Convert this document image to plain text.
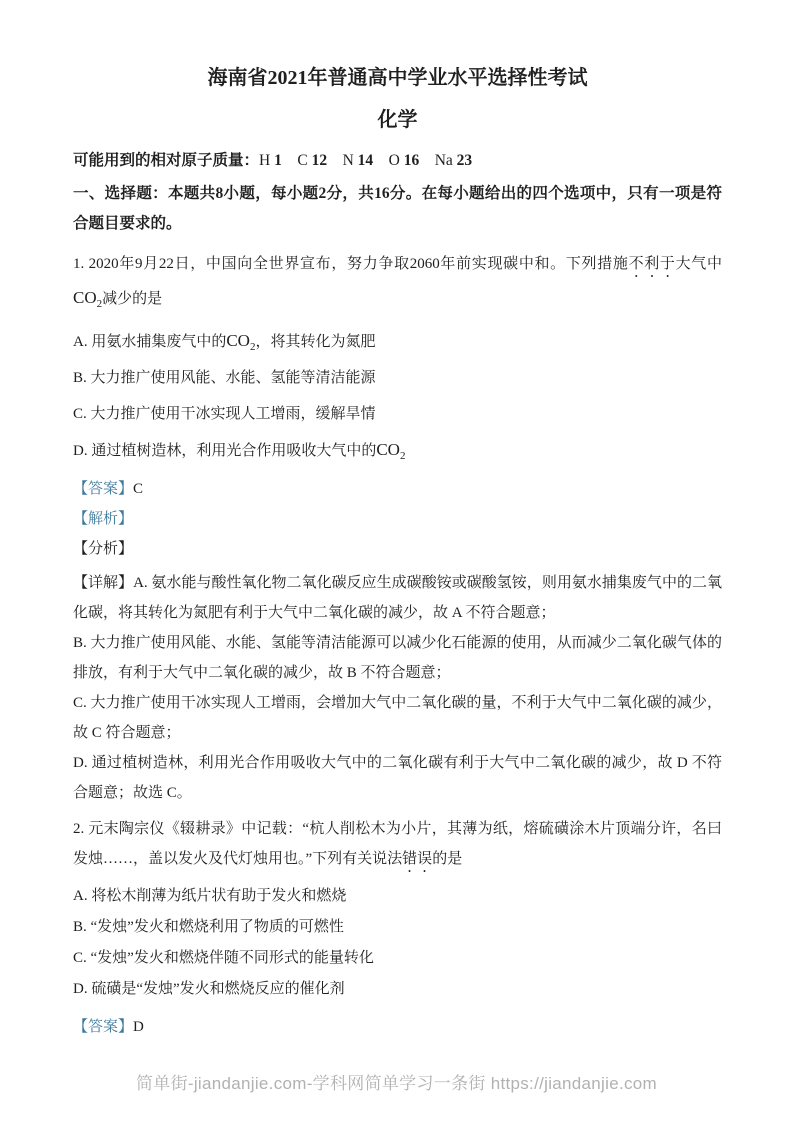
海南省2021年普通高中学业水平选择性考试
化学

可能用到的相对原子质量：H 1 C 12 N 14 O 16 Na 23

一、选择题：本题共8小题，每小题2分，共16分。在每小题给出的四个选项中，只有一项是符合题目要求的。

1. 2020年9月22日，中国向全世界宣布，努力争取2060年前实现碳中和。下列措施不利于大气中$CO_2$减少的是

A. 用氨水捕集废气中的$CO_2$，将其转化为氮肥

B. 大力推广使用风能、水能、氢能等清洁能源

C. 大力推广使用干冰实现人工增雨，缓解旱情

D. 通过植树造林，利用光合作用吸收大气中的$CO_2$

【答案】C

【解析】

【分析】

【详解】A. 氨水能与酸性氧化物二氧化碳反应生成碳酸铵或碳酸氢铵，则用氨水捕集废气中的二氧化碳，将其转化为氮肥有利于大气中二氧化碳的减少，故 A 不符合题意；

B. 大力推广使用风能、水能、氢能等清洁能源可以减少化石能源的使用，从而减少二氧化碳气体的排放，有利于大气中二氧化碳的减少，故 B 不符合题意；

C. 大力推广使用干冰实现人工增雨，会增加大气中二氧化碳的量，不利于大气中二氧化碳的减少，故 C 符合题意；

D. 通过植树造林，利用光合作用吸收大气中的二氧化碳有利于大气中二氧化碳的减少，故 D 不符合题意；故选 C。

2. 元末陶宗仪《辍耕录》中记载：“杭人削松木为小片，其薄为纸，熔硫磺涂木片顶端分许，名曰发烛……，盖以发火及代灯烛用也。”下列有关说法错误的是

A. 将松木削薄为纸片状有助于发火和燃烧

B. “发烛”发火和燃烧利用了物质的可燃性

C. “发烛”发火和燃烧伴随不同形式的能量转化

D. 硫磺是“发烛”发火和燃烧反应的催化剂

【答案】D

简单街-jiandanjie.com-学科网简单学习一条街 https://jiandanjie.com
